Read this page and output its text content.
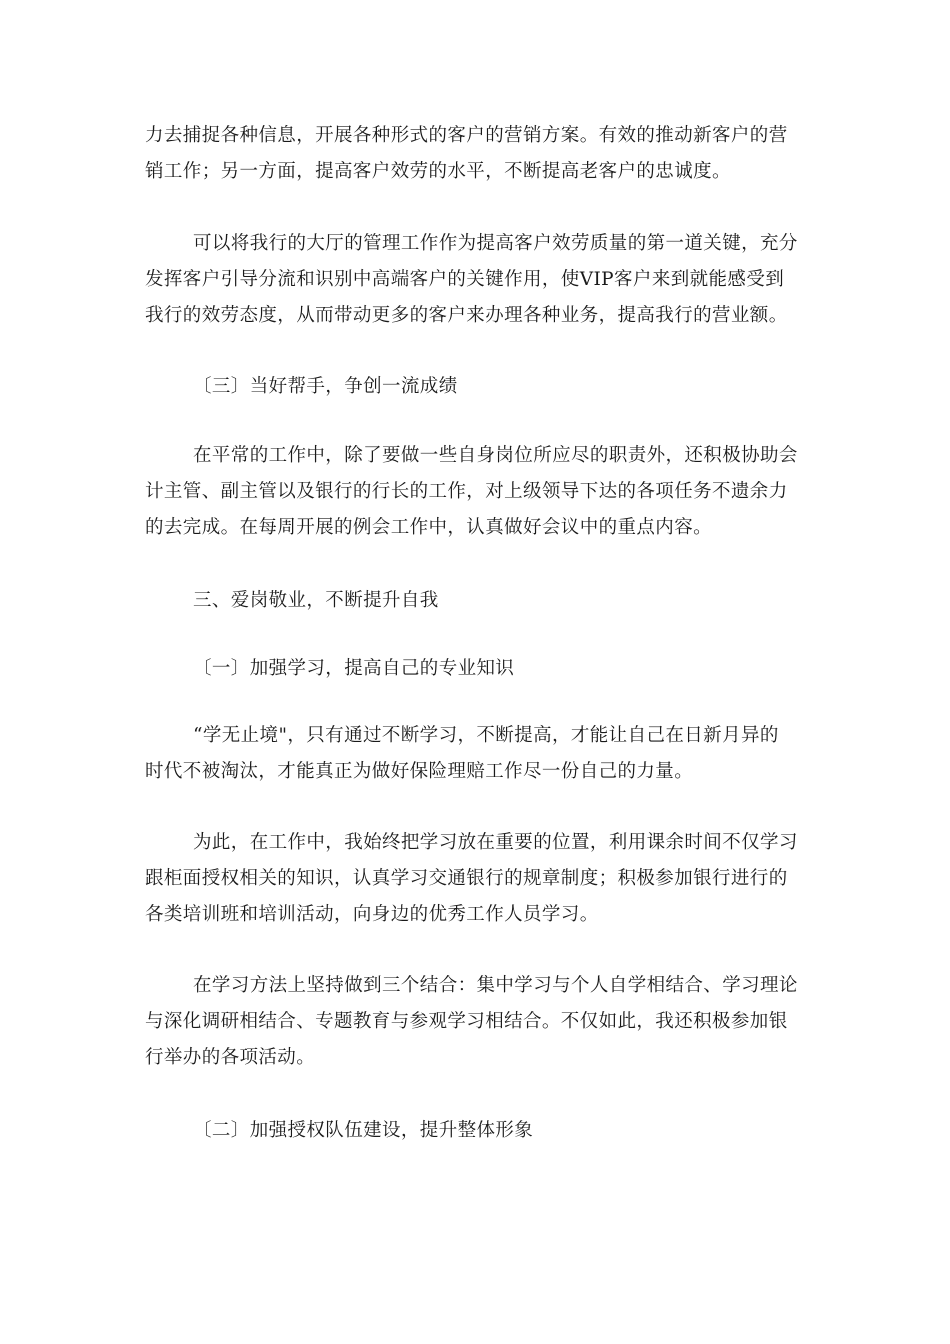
力去捕捉各种信息，开展各种形式的客户的营销方案。有效的推动新客户的营
销工作；另一方面，提高客户效劳的水平，不断提高老客户的忠诚度。
可以将我行的大厅的管理工作作为提高客户效劳质量的第一道关键，充分
发挥客户引导分流和识别中高端客户的关键作用，使VIP客户来到就能感受到
我行的效劳态度，从而带动更多的客户来办理各种业务，提高我行的营业额。
〔三〕当好帮手，争创一流成绩
在平常的工作中，除了要做一些自身岗位所应尽的职责外，还积极协助会
计主管、副主管以及银行的行长的工作，对上级领导下达的各项任务不遗余力
的去完成。在每周开展的例会工作中，认真做好会议中的重点内容。
三、爱岗敬业，不断提升自我
〔一〕加强学习，提高自己的专业知识
“学无止境"，只有通过不断学习，不断提高，才能让自己在日新月异的
时代不被淘汰，才能真正为做好保险理赔工作尽一份自己的力量。
为此，在工作中，我始终把学习放在重要的位置，利用课余时间不仅学习
跟柜面授权相关的知识，认真学习交通银行的规章制度；积极参加银行进行的
各类培训班和培训活动，向身边的优秀工作人员学习。
在学习方法上坚持做到三个结合：集中学习与个人自学相结合、学习理论
与深化调研相结合、专题教育与参观学习相结合。不仅如此，我还积极参加银
行举办的各项活动。
〔二〕加强授权队伍建设，提升整体形象
